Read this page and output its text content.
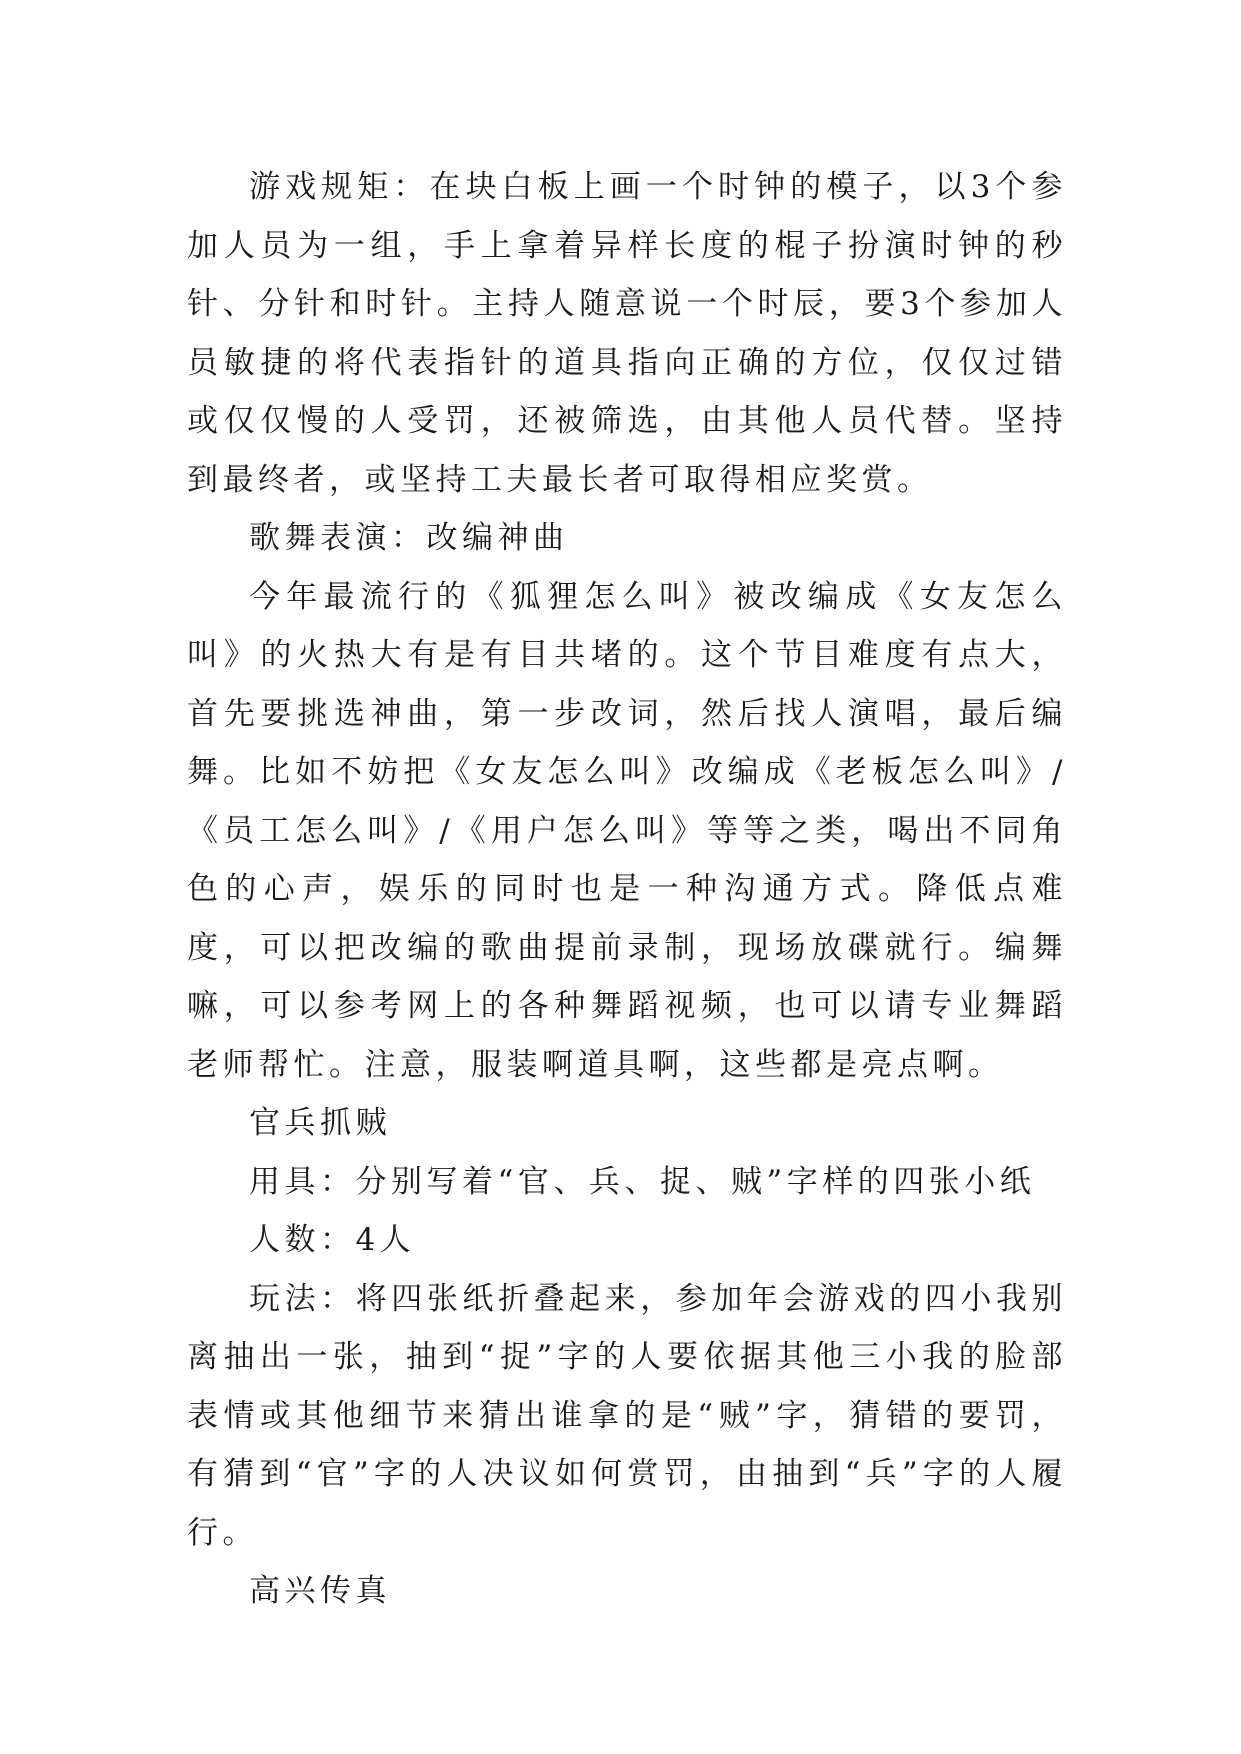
游戏规矩：在块白板上画一个时钟的模子，以3个参加人员为一组，手上拿着异样长度的棍子扮演时钟的秒针、分针和时针。主持人随意说一个时辰，要3个参加人员敏捷的将代表指针的道具指向正确的方位，仅仅过错或仅仅慢的人受罚，还被筛选，由其他人员代替。坚持到最终者，或坚持工夫最长者可取得相应奖赏。

歌舞表演：改编神曲

今年最流行的《狐狸怎么叫》被改编成《女友怎么叫》的火热大有是有目共堵的。这个节目难度有点大，首先要挑选神曲，第一步改词，然后找人演唱，最后编舞。比如不妨把《女友怎么叫》改编成《老板怎么叫》/《员工怎么叫》/《用户怎么叫》等等之类，喝出不同角色的心声，娱乐的同时也是一种沟通方式。降低点难度，可以把改编的歌曲提前录制，现场放碟就行。编舞嘛，可以参考网上的各种舞蹈视频，也可以请专业舞蹈老师帮忙。注意，服装啊道具啊，这些都是亮点啊。

官兵抓贼

用具：分别写着“官、兵、捉、贼”字样的四张小纸

人数：4人

玩法：将四张纸折叠起来，参加年会游戏的四小我别离抽出一张，抽到“捉”字的人要依据其他三小我的脸部表情或其他细节来猜出谁拿的是“贼”字，猜错的要罚，有猜到“官”字的人决议如何赏罚，由抽到“兵”字的人履行。

高兴传真
